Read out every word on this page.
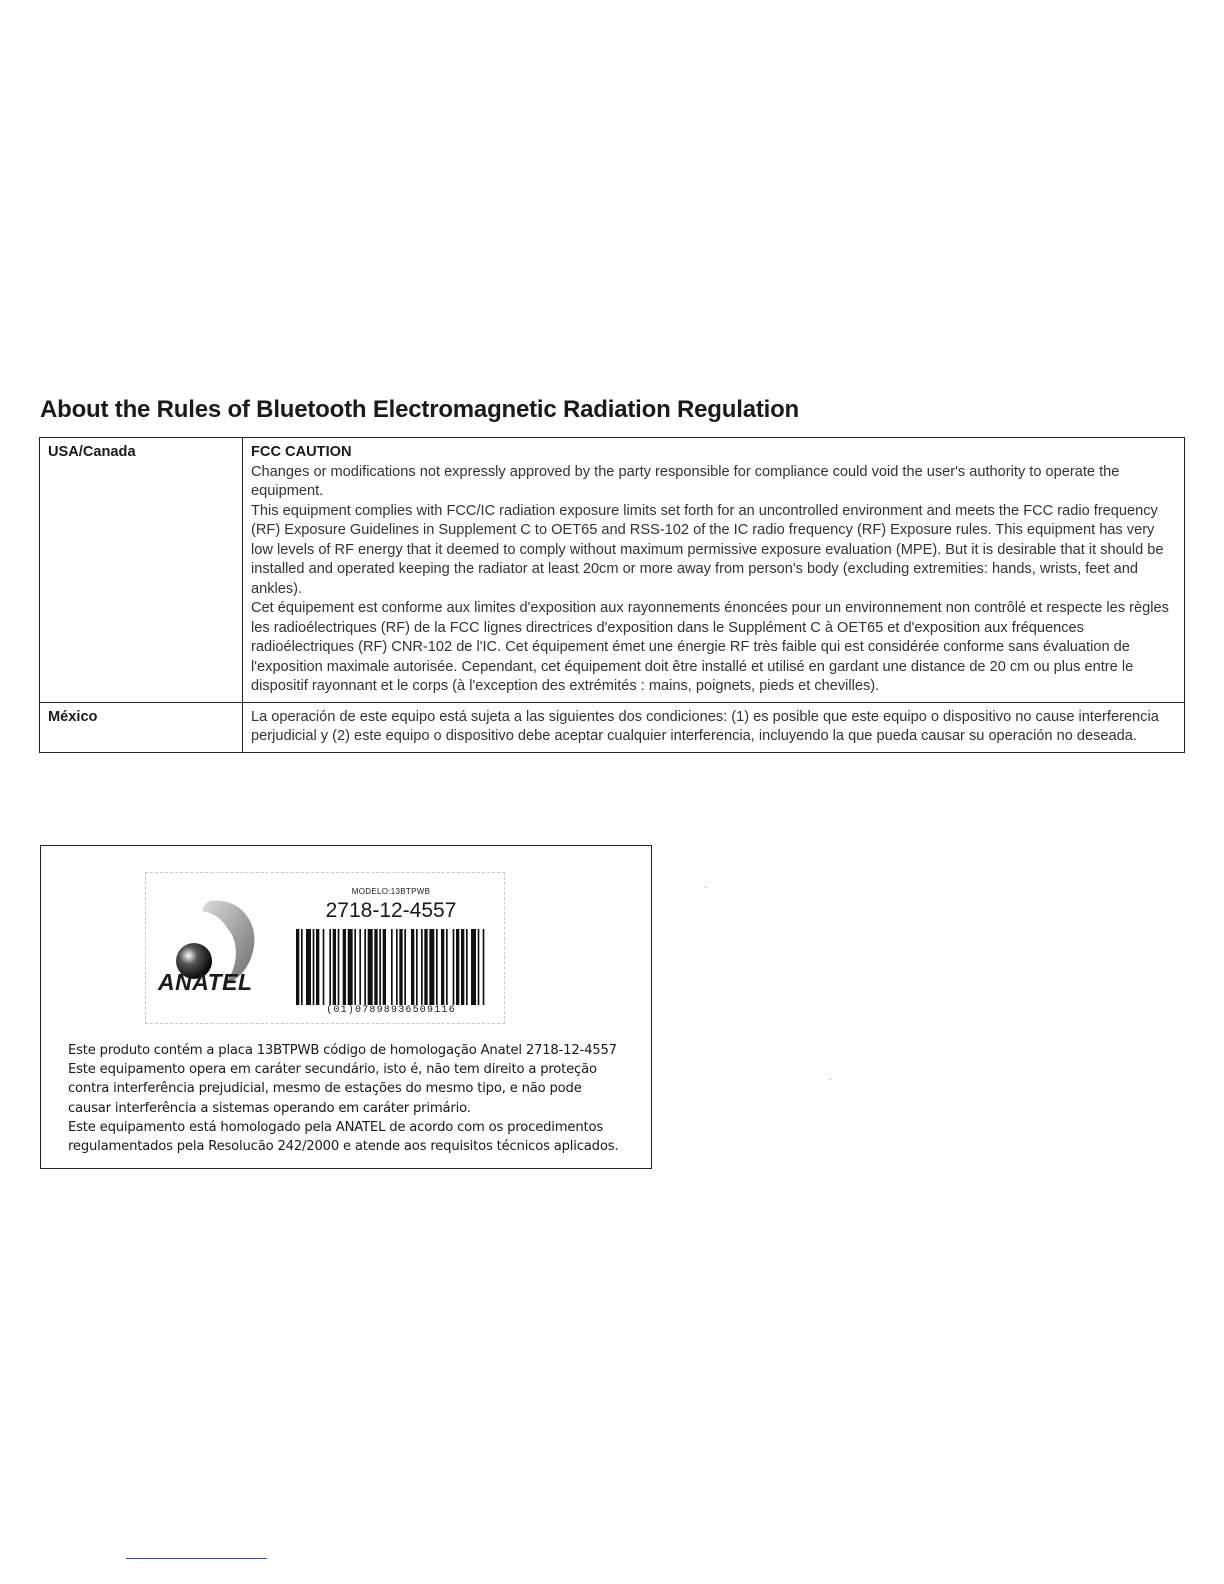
About the Rules of Bluetooth Electromagnetic Radiation Regulation
USA/Canada	FCC CAUTION
Changes or modifications not expressly approved by the party responsible for compliance could void the user's authority to operate the equipment.
This equipment complies with FCC/IC radiation exposure limits set forth for an uncontrolled environment and meets the FCC radio frequency (RF) Exposure Guidelines in Supplement C to OET65 and RSS-102 of the IC radio frequency (RF) Exposure rules. This equipment has very low levels of RF energy that it deemed to comply without maximum permissive exposure evaluation (MPE). But it is desirable that it should be installed and operated keeping the radiator at least 20cm or more away from person's body (excluding extremities: hands, wrists, feet and ankles).
Cet équipement est conforme aux limites d'exposition aux rayonnements énoncées pour un environnement non contrôlé et respecte les règles les radioélectriques (RF) de la FCC lignes directrices d'exposition dans le Supplément C à OET65 et d'exposition aux fréquences radioélectriques (RF) CNR-102 de l'IC. Cet équipement émet une énergie RF très faible qui est considérée conforme sans évaluation de l'exposition maximale autorisée. Cependant, cet équipement doit être installé et utilisé en gardant une distance de 20 cm ou plus entre le dispositif rayonnant et le corps (à l'exception des extrémités : mains, poignets, pieds et chevilles).

México	La operación de este equipo está sujeta a las siguientes dos condiciones: (1) es posible que este equipo o dispositivo no cause interferencia perjudicial y (2) este equipo o dispositivo debe aceptar cualquier interferencia, incluyendo la que pueda causar su operación no deseada.
ANATEL
MODELO:13BTPWB
2718-12-4557
(01)07898936509116
Este produto contém a placa 13BTPWB código de homologação Anatel 2718-12-4557
Este equipamento opera em caráter secundário, isto é, não tem direito a proteção
contra interferência prejudicial, mesmo de estações do mesmo tipo, e não pode
causar interferência a sistemas operando em caráter primário.
Este equipamento está homologado pela ANATEL de acordo com os procedimentos
regulamentados pela Resolucão 242/2000 e atende aos requisitos técnicos aplicados.
